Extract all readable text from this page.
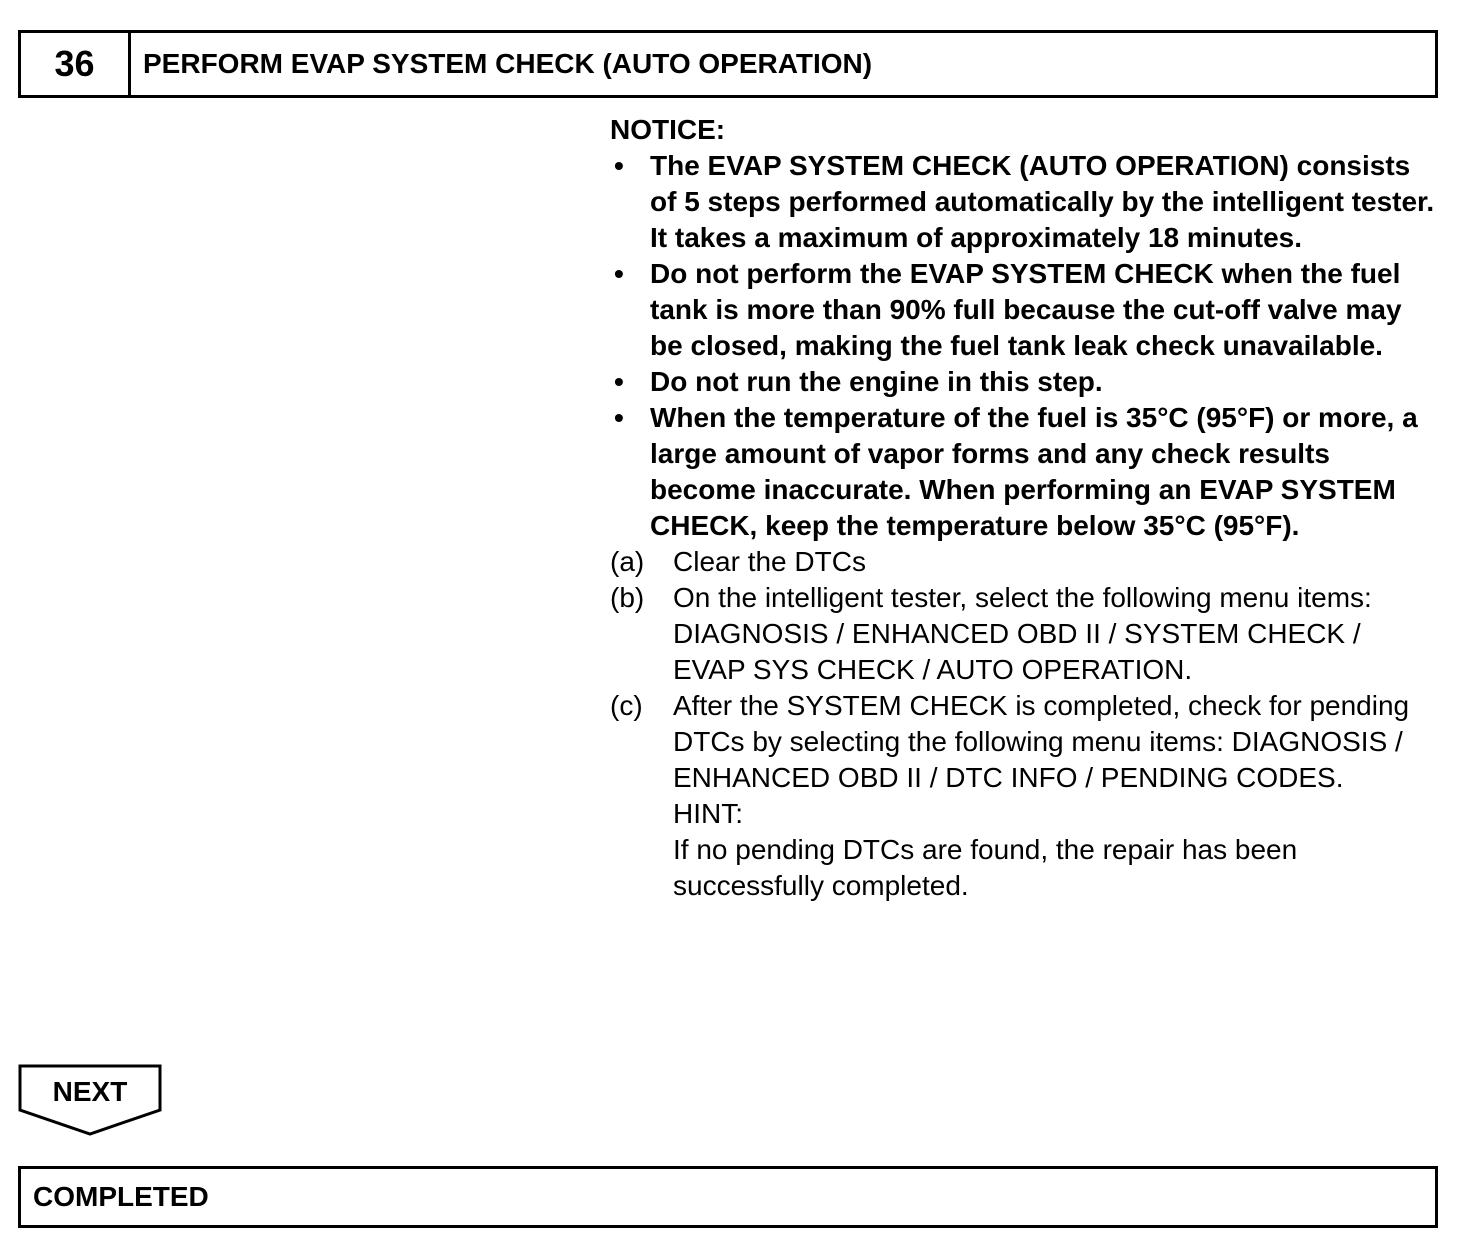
36	PERFORM EVAP SYSTEM CHECK (AUTO OPERATION)
NOTICE:
• The EVAP SYSTEM CHECK (AUTO OPERATION) consists of 5 steps performed automatically by the intelligent tester. It takes a maximum of approximately 18 minutes.
• Do not perform the EVAP SYSTEM CHECK when the fuel tank is more than 90% full because the cut-off valve may be closed, making the fuel tank leak check unavailable.
• Do not run the engine in this step.
• When the temperature of the fuel is 35°C (95°F) or more, a large amount of vapor forms and any check results become inaccurate. When performing an EVAP SYSTEM CHECK, keep the temperature below 35°C (95°F).
(a) Clear the DTCs
(b) On the intelligent tester, select the following menu items: DIAGNOSIS / ENHANCED OBD II / SYSTEM CHECK / EVAP SYS CHECK / AUTO OPERATION.
(c) After the SYSTEM CHECK is completed, check for pending DTCs by selecting the following menu items: DIAGNOSIS / ENHANCED OBD II / DTC INFO / PENDING CODES.
HINT:
If no pending DTCs are found, the repair has been successfully completed.
NEXT
COMPLETED
